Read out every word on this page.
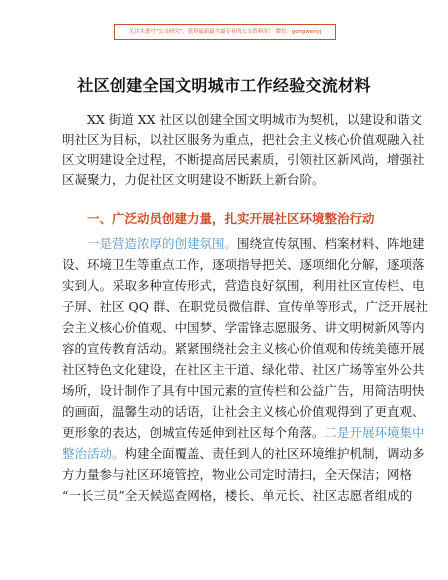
关注头条号"公文研究"，获得最新最全最专业的公文资料库！ 微信：gongwenyj
社区创建全国文明城市工作经验交流材料
XX 街道 XX 社区以创建全国文明城市为契机，以建设和谐文
明社区为目标，以社区服务为重点，把社会主义核心价值观融入社
区文明建设全过程，不断提高居民素质，引领社区新风尚，增强社
区凝聚力，力促社区文明建设不断跃上新台阶。
一、广泛动员创建力量，扎实开展社区环境整治行动
一是营造浓厚的创建氛围。围绕宣传氛围、档案材料、阵地建
设、环境卫生等重点工作，逐项指导把关、逐项细化分解，逐项落
实到人。采取多种宣传形式，营造良好氛围，利用社区宣传栏、电
子屏、社区 QQ 群、在职党员微信群、宣传单等形式，广泛开展社
会主义核心价值观、中国梦、学雷锋志愿服务、讲文明树新风等内
容的宣传教育活动。紧紧围绕社会主义核心价值观和传统美德开展
社区特色文化建设，在社区主干道、绿化带、社区广场等室外公共
场所，设计制作了具有中国元素的宣传栏和公益广告，用简洁明快
的画面，温馨生动的话语，让社会主义核心价值观得到了更直观、
更形象的表达，创城宣传延伸到社区每个角落。二是开展环境集中
整治活动。构建全面覆盖、责任到人的社区环境维护机制，调动多
方力量参与社区环境管控，物业公司定时清扫，全天保洁；网格
“一长三员”全天候巡查网格，楼长、单元长、社区志愿者组成的
